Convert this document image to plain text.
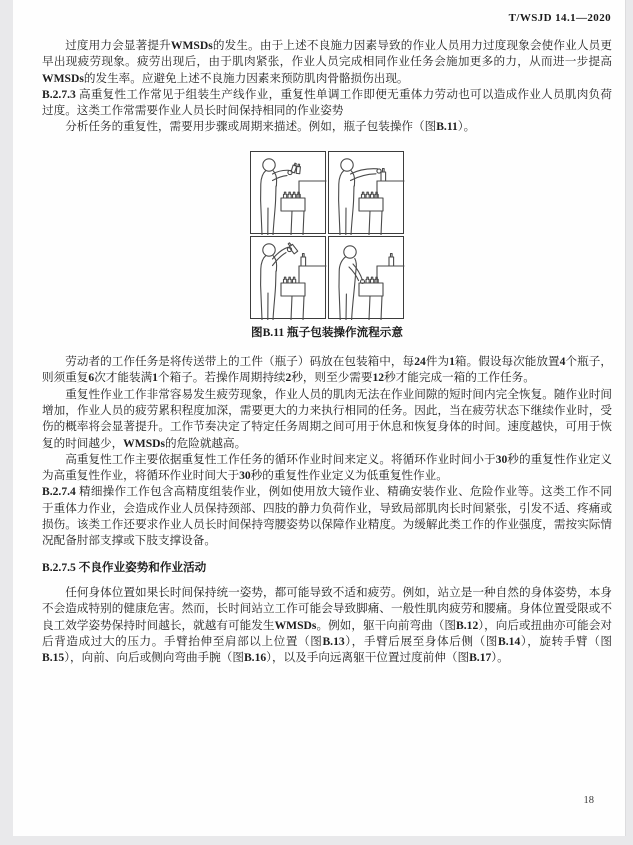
T/WSJD 14.1—2020

过度用力会显著提升WMSDs的发生。由于上述不良施力因素导致的作业人员用力过度现象会使作业人员更早出现疲劳现象。疲劳出现后，由于肌肉紧张，作业人员完成相同作业任务会施加更多的力，从而进一步提高WMSDs的发生率。应避免上述不良施力因素来预防肌肉骨骼损伤出现。

B.2.7.3 高重复性工作常见于组装生产线作业，重复性单调工作即便无重体力劳动也可以造成作业人员肌肉负荷过度。这类工作常需要作业人员长时间保持相同的作业姿势

分析任务的重复性，需要用步骤或周期来描述。例如，瓶子包装操作（图B.11）。

图B.11 瓶子包装操作流程示意

劳动者的工作任务是将传送带上的工件（瓶子）码放在包装箱中，每24件为1箱。假设每次能放置4个瓶子，则须重复6次才能装满1个箱子。若操作周期持续2秒，则至少需要12秒才能完成一箱的工作任务。

重复性作业工作非常容易发生疲劳现象，作业人员的肌肉无法在作业间隙的短时间内完全恢复。随作业时间增加，作业人员的疲劳累积程度加深，需要更大的力来执行相同的任务。因此，当在疲劳状态下继续作业时，受伤的概率将会显著提升。工作节奏决定了特定任务周期之间可用于休息和恢复身体的时间。速度越快，可用于恢复的时间越少，WMSDs的危险就越高。

高重复性工作主要依据重复性工作任务的循环作业时间来定义。将循环作业时间小于30秒的重复性作业定义为高重复性作业，将循环作业时间大于30秒的重复性作业定义为低重复性作业。

B.2.7.4 精细操作工作包含高精度组装作业，例如使用放大镜作业、精确安装作业、危险作业等。这类工作不同于重体力作业，会造成作业人员保持颈部、四肢的静力负荷作业，导致局部肌肉长时间紧张，引发不适、疼痛或损伤。该类工作还要求作业人员长时间保持弯腰姿势以保障作业精度。为缓解此类工作的作业强度，需按实际情况配备肘部支撑或下肢支撑设备。

B.2.7.5 不良作业姿势和作业活动

任何身体位置如果长时间保持统一姿势，都可能导致不适和疲劳。例如，站立是一种自然的身体姿势，本身不会造成特别的健康危害。然而，长时间站立工作可能会导致脚痛、一般性肌肉疲劳和腰痛。身体位置受限或不良工效学姿势保持时间越长，就越有可能发生WMSDs。例如，躯干向前弯曲（图B.12），向后或扭曲亦可能会对后背造成过大的压力。手臂抬伸至肩部以上位置（图B.13），手臂后展至身体后侧（图B.14），旋转手臂（图B.15），向前、向后或侧向弯曲手腕（图B.16），以及手向远离躯干位置过度前伸（图B.17）。

18
